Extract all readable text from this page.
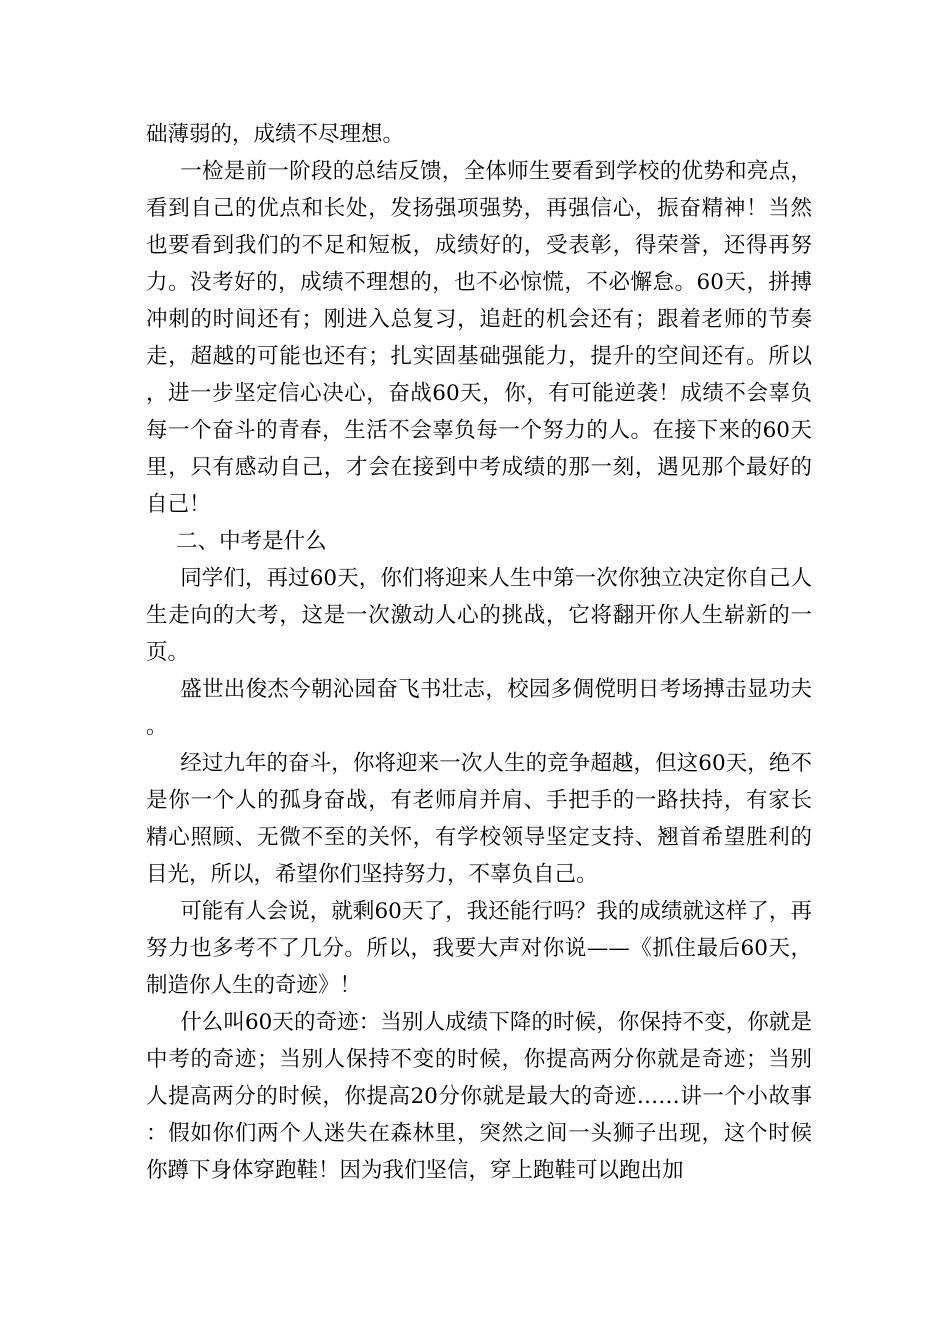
础薄弱的，成绩不尽理想。

一检是前一阶段的总结反馈，全体师生要看到学校的优势和亮点，看到自己的优点和长处，发扬强项强势，再强信心，振奋精神！当然也要看到我们的不足和短板，成绩好的，受表彰，得荣誉，还得再努力。没考好的，成绩不理想的，也不必惊慌，不必懈怠。60天，拼搏冲刺的时间还有；刚进入总复习，追赶的机会还有；跟着老师的节奏走，超越的可能也还有；扎实固基础强能力，提升的空间还有。所以，进一步坚定信心决心，奋战60天，你，有可能逆袭！成绩不会辜负每一个奋斗的青春，生活不会辜负每一个努力的人。在接下来的60天里，只有感动自己，才会在接到中考成绩的那一刻，遇见那个最好的自己！

二、中考是什么

同学们，再过60天，你们将迎来人生中第一次你独立决定你自己人生走向的大考，这是一次激动人心的挑战，它将翻开你人生崭新的一页。

盛世出俊杰今朝沁园奋飞书壮志，校园多倜傥明日考场搏击显功夫。

经过九年的奋斗，你将迎来一次人生的竞争超越，但这60天，绝不是你一个人的孤身奋战，有老师肩并肩、手把手的一路扶持，有家长精心照顾、无微不至的关怀，有学校领导坚定支持、翘首希望胜利的目光，所以，希望你们坚持努力，不辜负自己。

可能有人会说，就剩60天了，我还能行吗？我的成绩就这样了，再努力也多考不了几分。所以，我要大声对你说——《抓住最后60天，制造你人生的奇迹》！

什么叫60天的奇迹：当别人成绩下降的时候，你保持不变，你就是中考的奇迹；当别人保持不变的时候，你提高两分你就是奇迹；当别人提高两分的时候，你提高20分你就是最大的奇迹……讲一个小故事：假如你们两个人迷失在森林里，突然之间一头狮子出现，这个时候你蹲下身体穿跑鞋！因为我们坚信，穿上跑鞋可以跑出加
